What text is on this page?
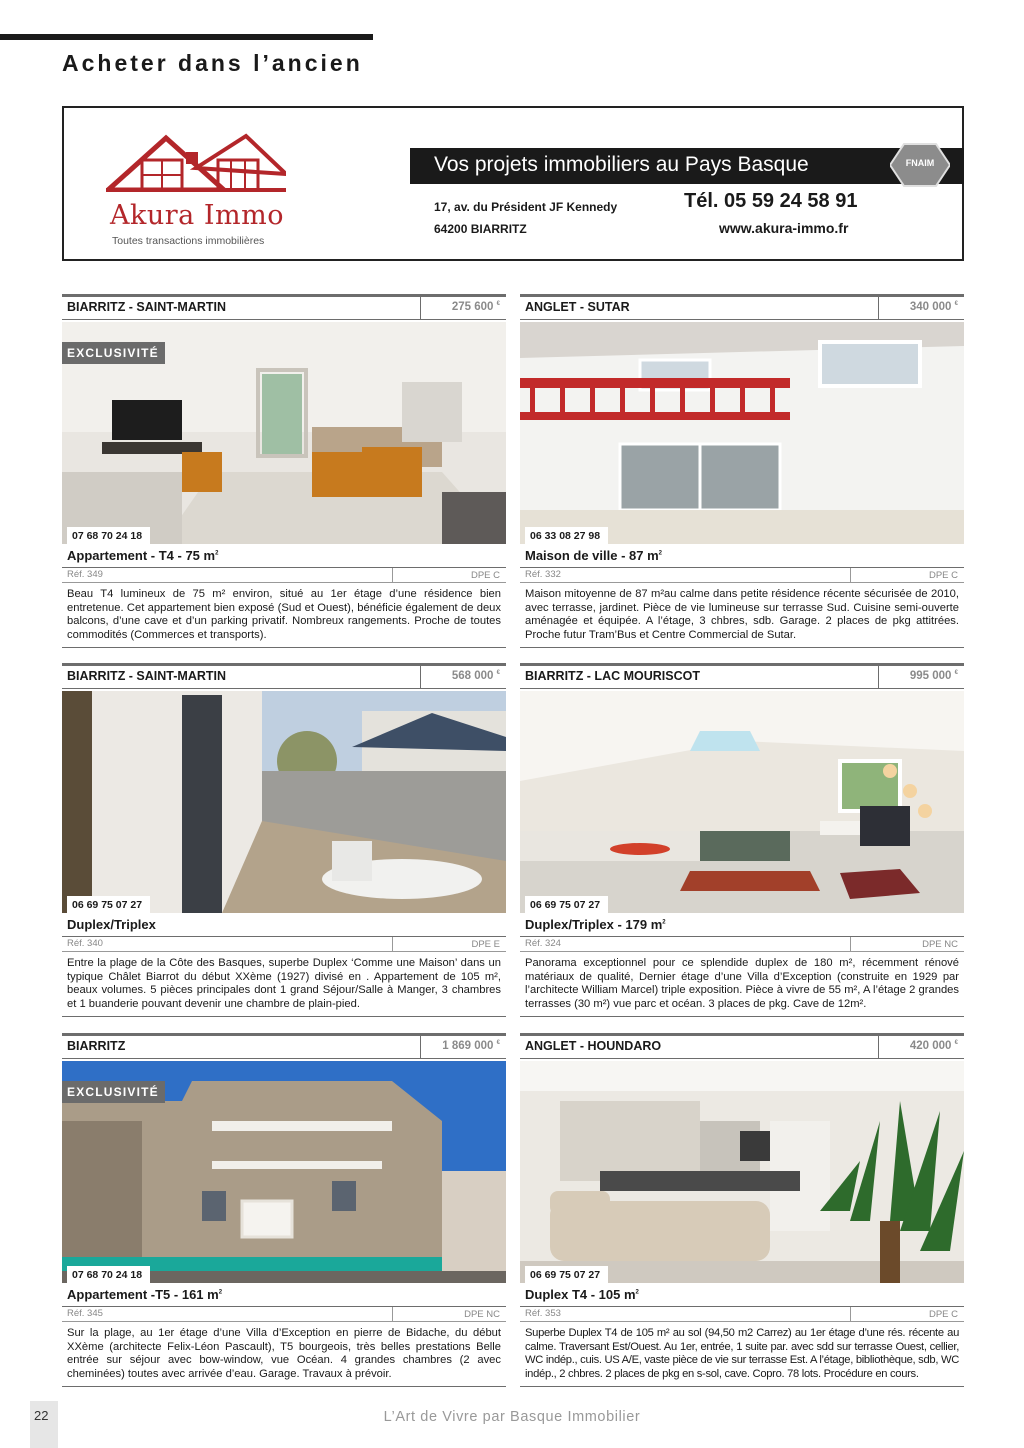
Acheter dans l’ancien
Akura Immo
Toutes transactions immobilières
Vos projets immobiliers au Pays Basque	FNAIM
17, av. du Président JF Kennedy
64200 BIARRITZ
Tél. 05 59 24 58 91
www.akura-immo.fr
BIARRITZ - SAINT-MARTIN	275 600 €
EXCLUSIVITÉ
07 68 70 24 18
Appartement - T4 - 75 $m^2$
Réf. 349	DPE C
Beau T4 lumineux de 75 m² environ, situé au 1er étage d’une résidence bien entretenue. Cet appartement bien exposé (Sud et Ouest), bénéficie également de deux balcons, d’une cave et d’un parking privatif. Nombreux rangements. Proche de toutes commodités (Commerces et transports).
ANGLET - SUTAR	340 000 €
06 33 08 27 98
Maison de ville - 87 $m^2$
Réf. 332	DPE C
Maison mitoyenne de 87 m²au calme dans petite résidence récente sécurisée de 2010, avec terrasse, jardinet. Pièce de vie lumineuse sur terrasse Sud. Cuisine semi-ouverte aménagée et équipée. A l’étage, 3 chbres, sdb. Garage. 2 places de pkg attitrées. Proche futur Tram’Bus et Centre Commercial de Sutar.
BIARRITZ - SAINT-MARTIN	568 000 €
06 69 75 07 27
Duplex/Triplex
Réf. 340	DPE E
Entre la plage de la Côte des Basques, superbe Duplex ‘Comme une Maison’ dans un typique Châlet Biarrot du début XXème (1927) divisé en . Appartement de 105 m², beaux volumes. 5 pièces principales dont 1 grand Séjour/Salle à Manger, 3 chambres et 1 buanderie pouvant devenir une chambre de plain-pied.
BIARRITZ - LAC MOURISCOT	995 000 €
06 69 75 07 27
Duplex/Triplex - 179 $m^2$
Réf. 324	DPE NC
Panorama exceptionnel pour ce splendide duplex de 180 m², récemment rénové matériaux de qualité, Dernier étage d’une Villa d’Exception (construite en 1929 par l’architecte William Marcel) triple exposition. Pièce à vivre de 55 m², A l’étage 2 grandes terrasses (30 m²) vue parc et océan. 3 places de pkg. Cave de 12m².
BIARRITZ	1 869 000 €
EXCLUSIVITÉ
07 68 70 24 18
Appartement -T5 - 161 $m^2$
Réf. 345	DPE NC
Sur la plage, au 1er étage d’une Villa d’Exception en pierre de Bidache, du début XXème (architecte Felix-Léon Pascault), T5 bourgeois, très belles prestations Belle entrée sur séjour avec bow-window, vue Océan. 4 grandes chambres (2 avec cheminées) toutes avec arrivée d’eau. Garage. Travaux à prévoir.
ANGLET - HOUNDARO	420 000 €
06 69 75 07 27
Duplex T4 - 105 $m^2$
Réf. 353	DPE C
Superbe Duplex T4 de 105 m² au sol (94,50 m2 Carrez) au 1er étage d’une rés. récente au calme. Traversant Est/Ouest. Au 1er, entrée, 1 suite par. avec sdd sur terrasse Ouest, cellier, WC indép., cuis. US A/E, vaste pièce de vie sur terrasse Est. A l’étage, bibliothèque, sdb, WC indép., 2 chbres. 2 places de pkg en s-sol, cave. Copro. 78 lots. Procédure en cours.
22	L’Art de Vivre par Basque Immobilier
